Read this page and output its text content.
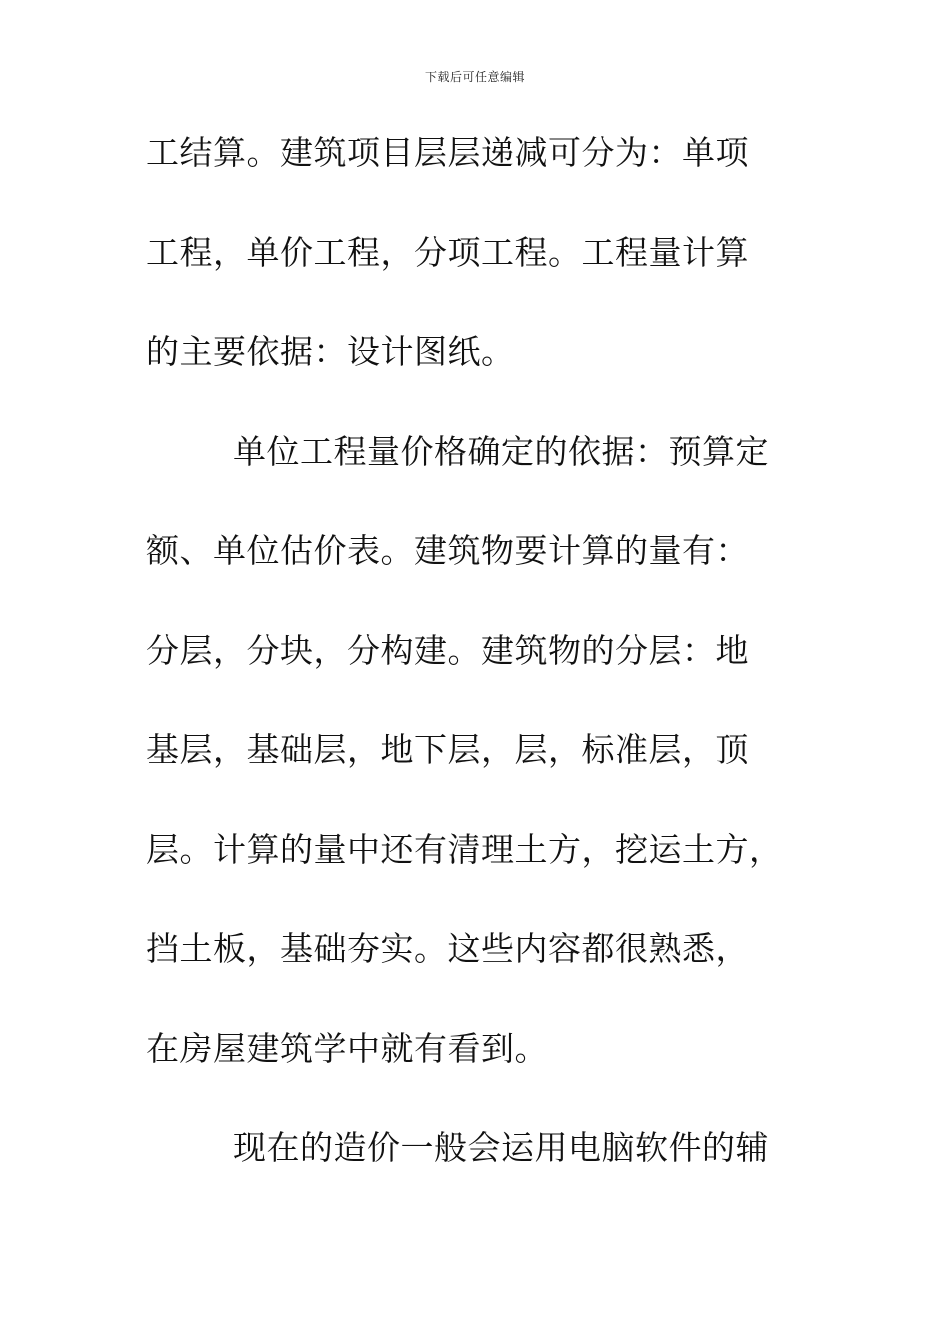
下载后可任意编辑
工结算。建筑项目层层递减可分为：单项
工程，单价工程，分项工程。工程量计算
的主要依据：设计图纸。
单位工程量价格确定的依据：预算定
额、单位估价表。建筑物要计算的量有：
分层，分块，分构建。建筑物的分层：地
基层，基础层，地下层，层，标准层，顶
层。计算的量中还有清理土方，挖运土方，
挡土板，基础夯实。这些内容都很熟悉，
在房屋建筑学中就有看到。
现在的造价一般会运用电脑软件的辅
